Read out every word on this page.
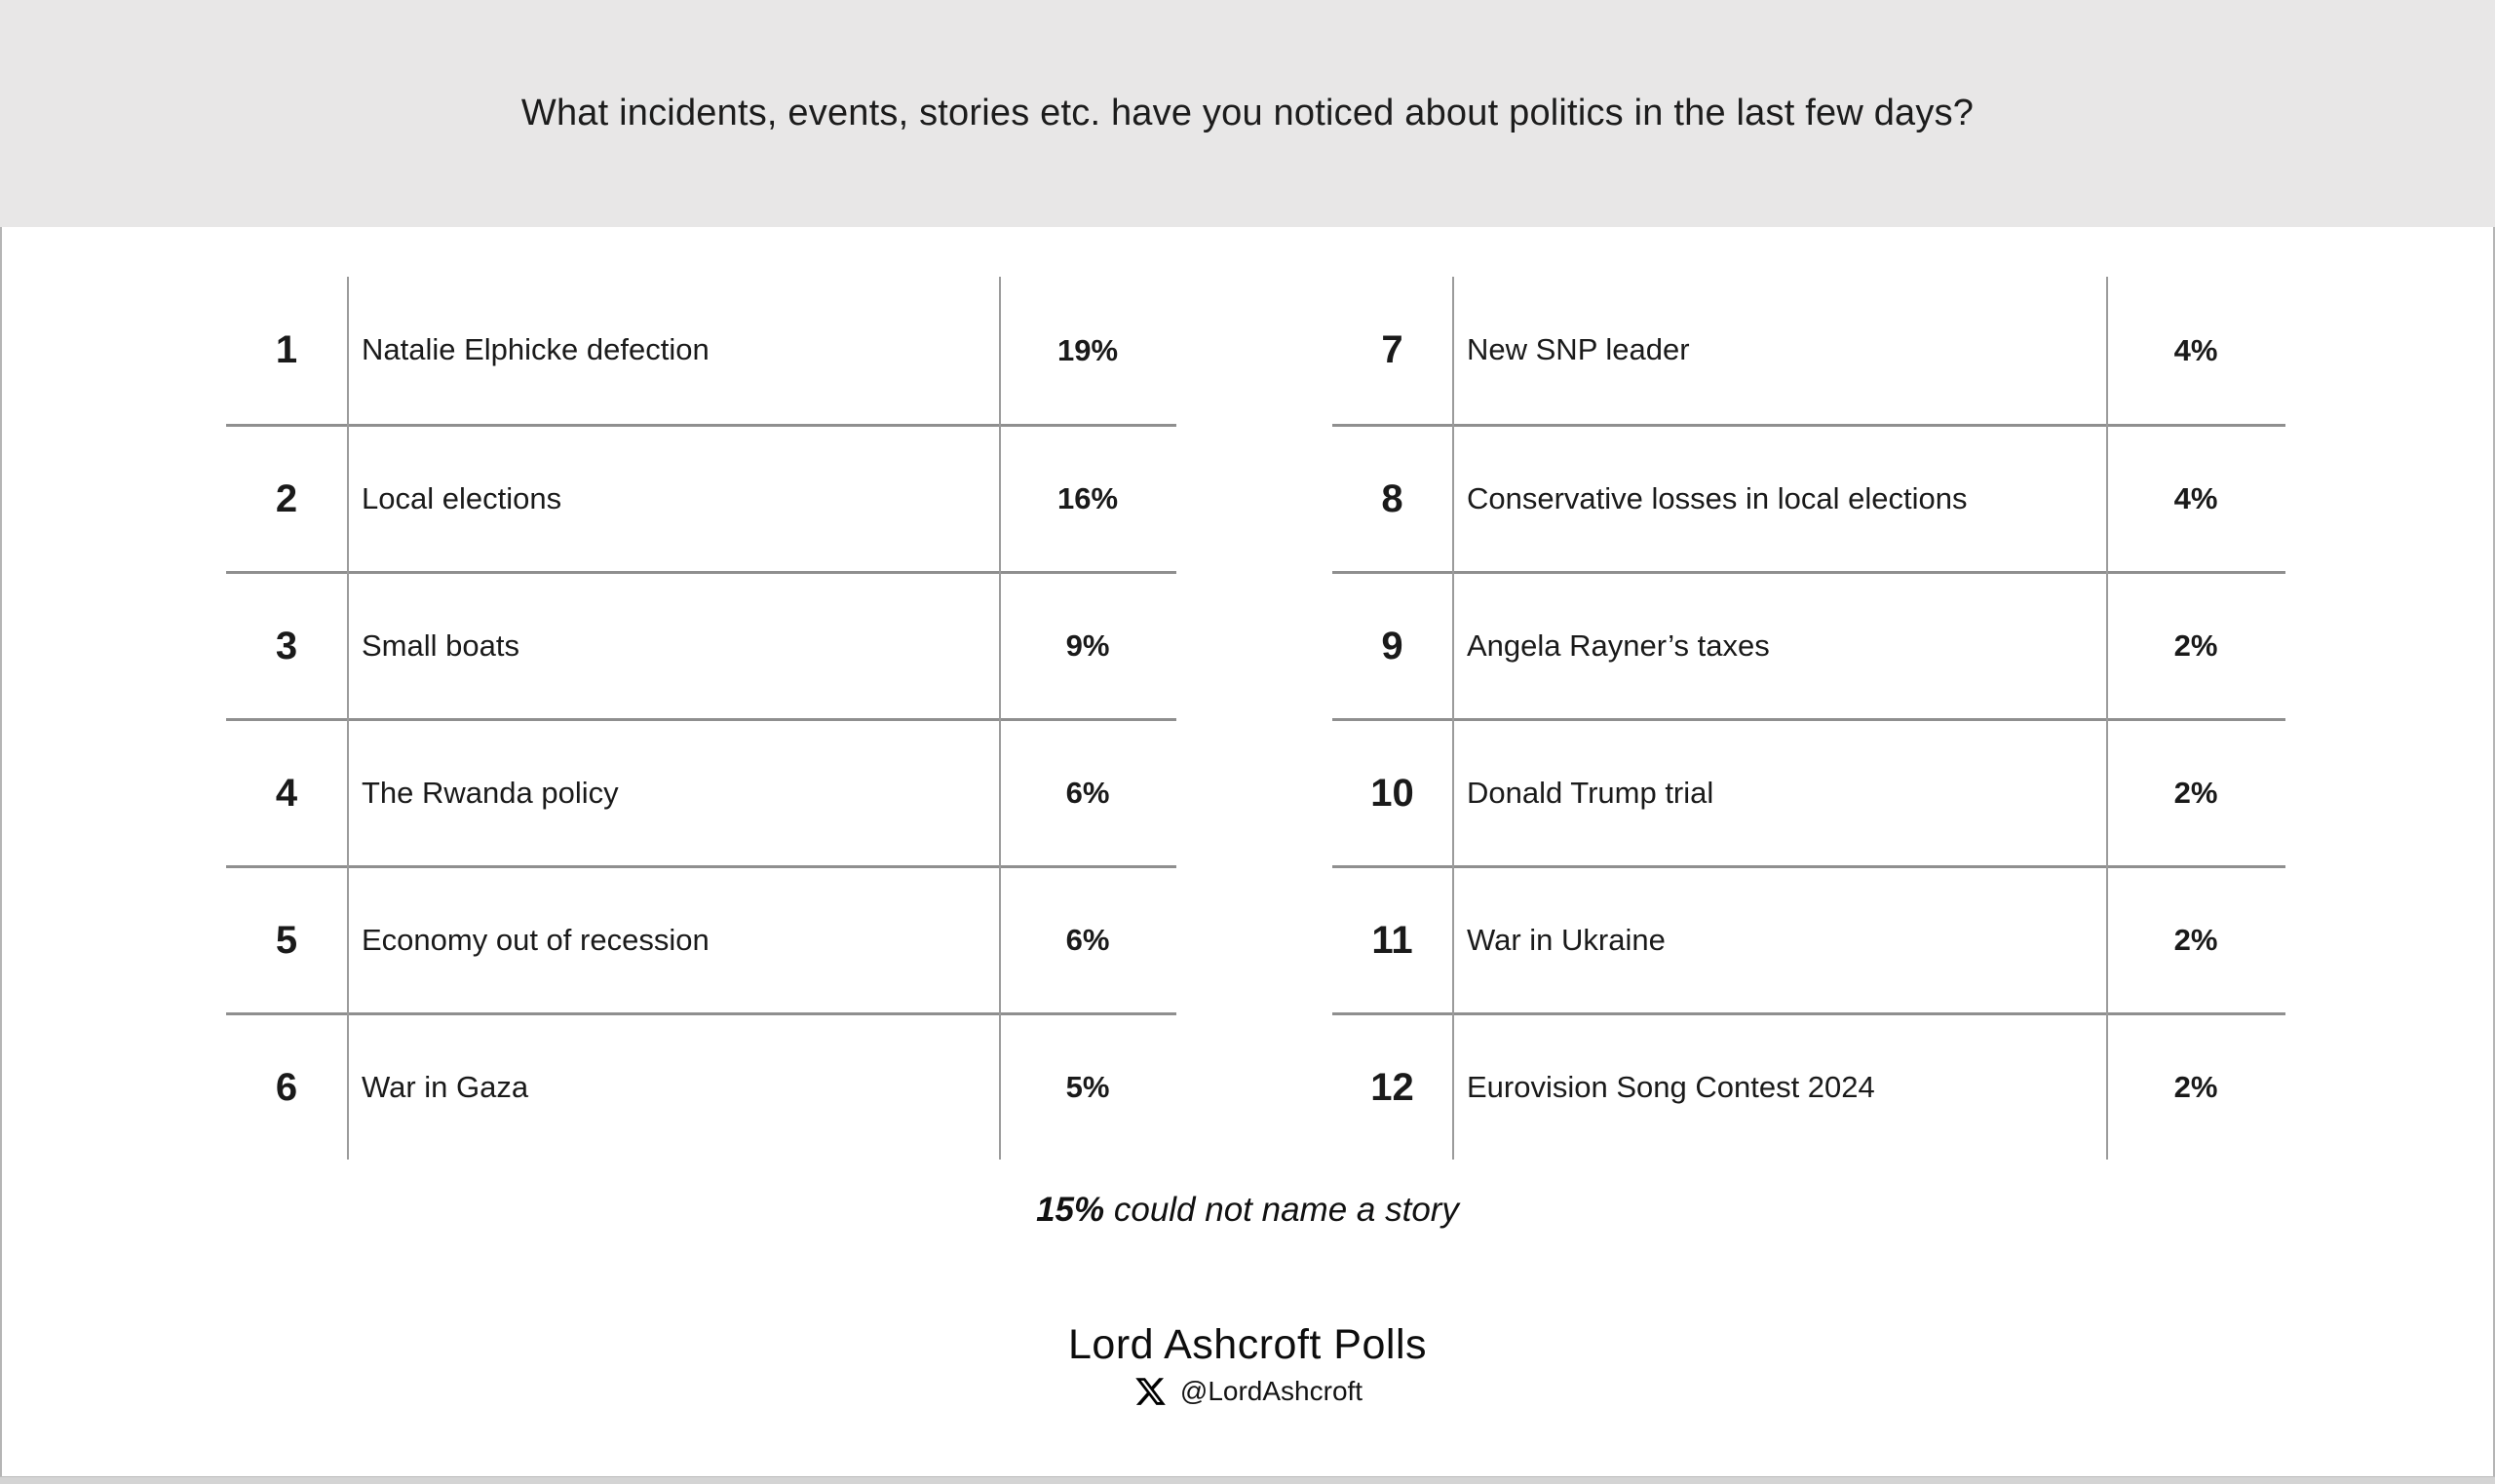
What incidents, events, stories etc. have you noticed about politics in the last few days?
1	Natalie Elphicke defection	19%
2	Local elections	16%
3	Small boats	9%
4	The Rwanda policy	6%
5	Economy out of recession	6%
6	War in Gaza	5%
7	New SNP leader	4%
8	Conservative losses in local elections	4%
9	Angela Rayner’s taxes	2%
10	Donald Trump trial	2%
11	War in Ukraine	2%
12	Eurovision Song Contest 2024	2%
15% could not name a story
Lord Ashcroft Polls
@LordAshcroft
